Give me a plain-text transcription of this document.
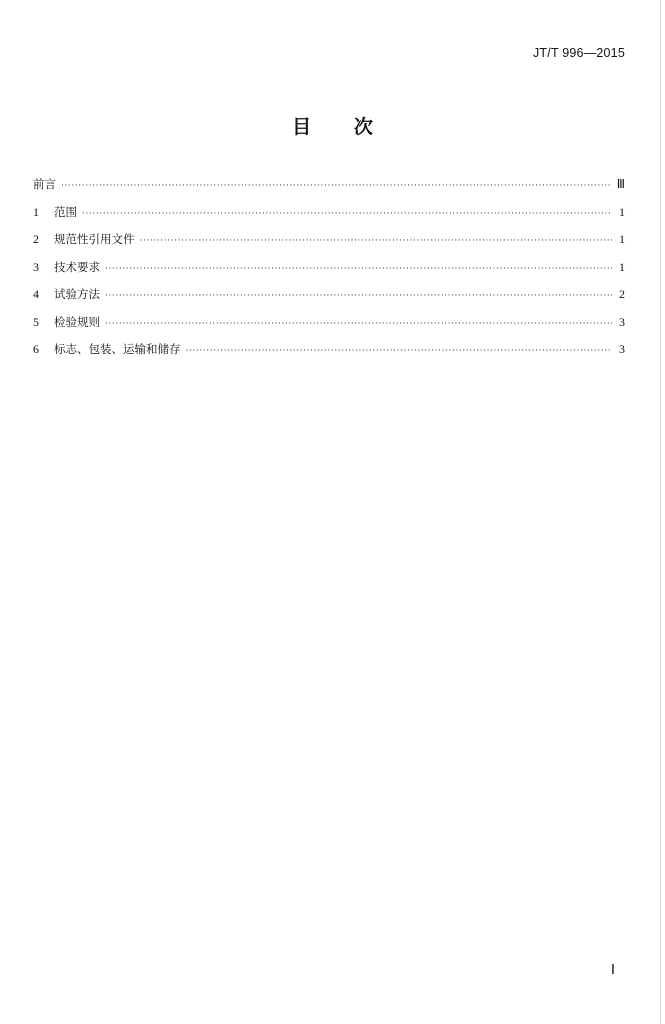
JT/T 996—2015
目 次
前言 ·····	Ⅲ
1	范围 ·····	1
2	规范性引用文件 ·····	1
3	技术要求 ·····	1
4	试验方法 ·····	2
5	检验规则 ·····	3
6	标志、包装、运输和储存 ·····	3
Ⅰ
